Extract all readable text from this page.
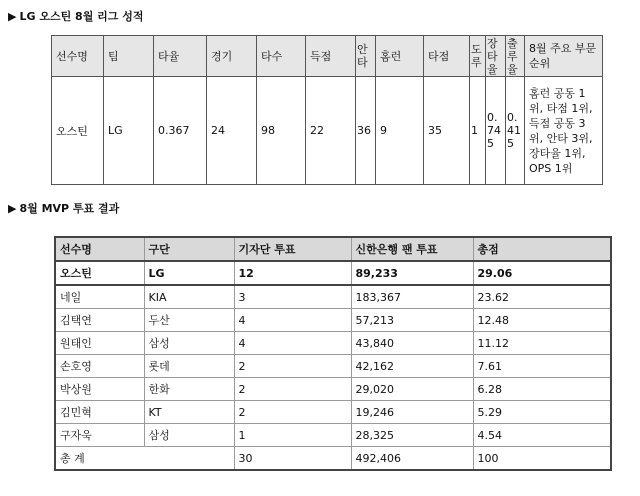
▶ LG 오스틴 8월 리그 성적
선수명	팀	타율	경기	타수	득점	안타	홈런	타점	도루	장타율	출루율	8월 주요 부문 순위
오스틴	LG	0.367	24	98	22	36	9	35	1	0.745	0.415	홈런 공동 1위, 타점 1위, 득점 공동 3위, 안타 3위, 장타율 1위, OPS 1위
▶ 8월 MVP 투표 결과
선수명	구단	기자단 투표	신한은행 팬 투표	총점
오스틴	LG	12	89,233	29.06
네일	KIA	3	183,367	23.62
김택연	두산	4	57,213	12.48
원태인	삼성	4	43,840	11.12
손호영	롯데	2	42,162	7.61
박상원	한화	2	29,020	6.28
김민혁	KT	2	19,246	5.29
구자욱	삼성	1	28,325	4.54
총 계		30	492,406	100
